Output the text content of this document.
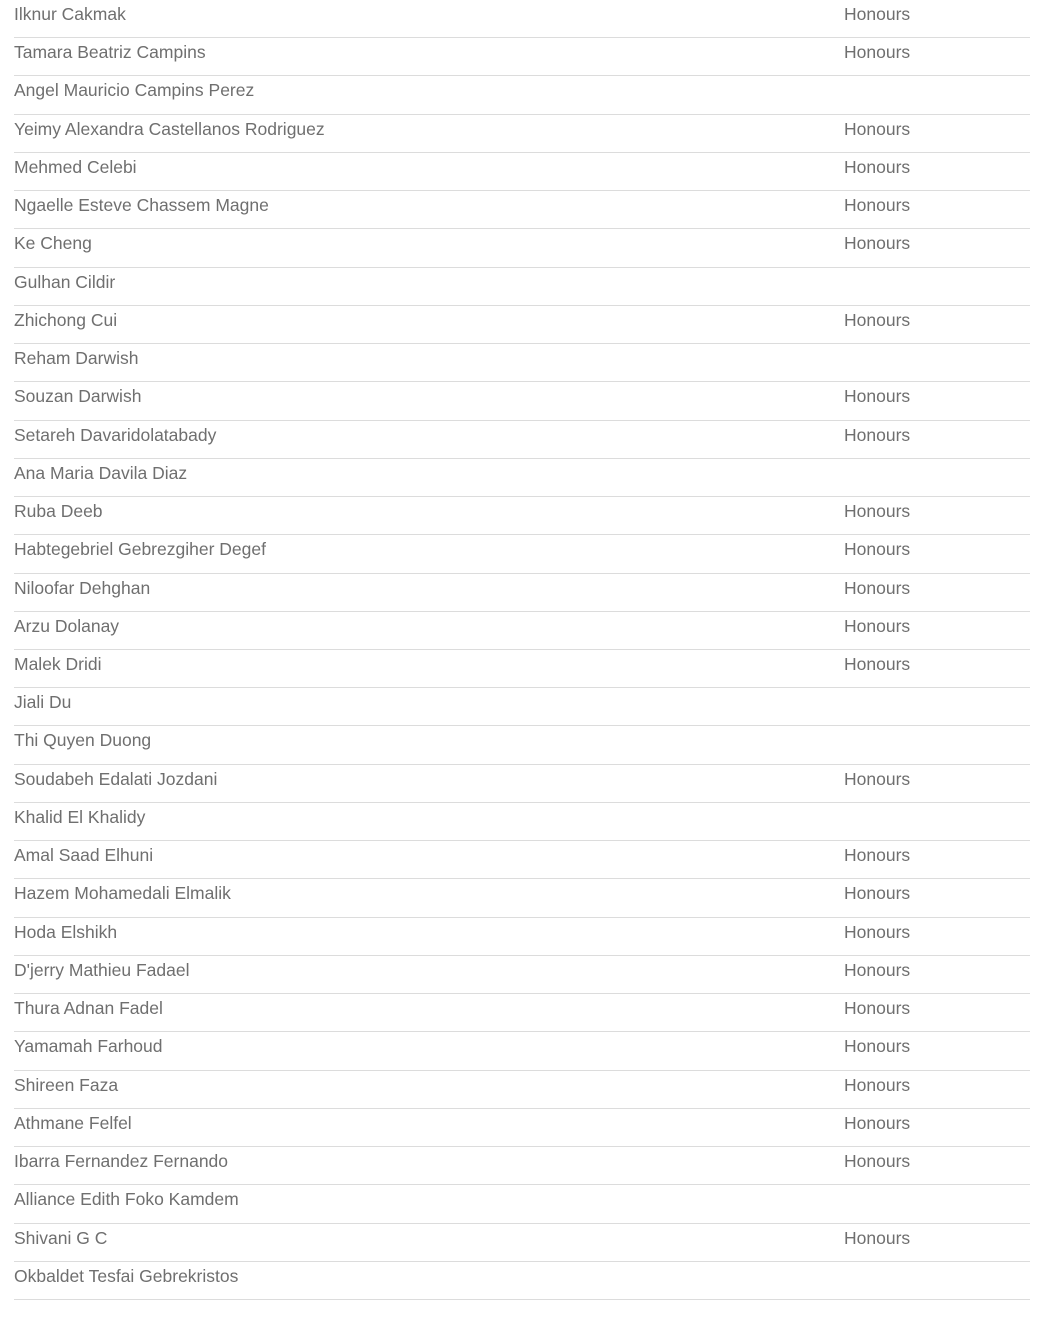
Ilknur Cakmak	Honours
Tamara Beatriz Campins	Honours
Angel Mauricio Campins Perez
Yeimy Alexandra Castellanos Rodriguez	Honours
Mehmed Celebi	Honours
Ngaelle Esteve Chassem Magne	Honours
Ke Cheng	Honours
Gulhan Cildir
Zhichong Cui	Honours
Reham Darwish
Souzan Darwish	Honours
Setareh Davaridolatabady	Honours
Ana Maria Davila Diaz
Ruba Deeb	Honours
Habtegebriel Gebrezgiher Degef	Honours
Niloofar Dehghan	Honours
Arzu Dolanay	Honours
Malek Dridi	Honours
Jiali Du
Thi Quyen Duong
Soudabeh Edalati Jozdani	Honours
Khalid El Khalidy
Amal Saad Elhuni	Honours
Hazem Mohamedali Elmalik	Honours
Hoda Elshikh	Honours
D'jerry Mathieu Fadael	Honours
Thura Adnan Fadel	Honours
Yamamah Farhoud	Honours
Shireen Faza	Honours
Athmane Felfel	Honours
Ibarra Fernandez Fernando	Honours
Alliance Edith Foko Kamdem
Shivani G C	Honours
Okbaldet Tesfai Gebrekristos
